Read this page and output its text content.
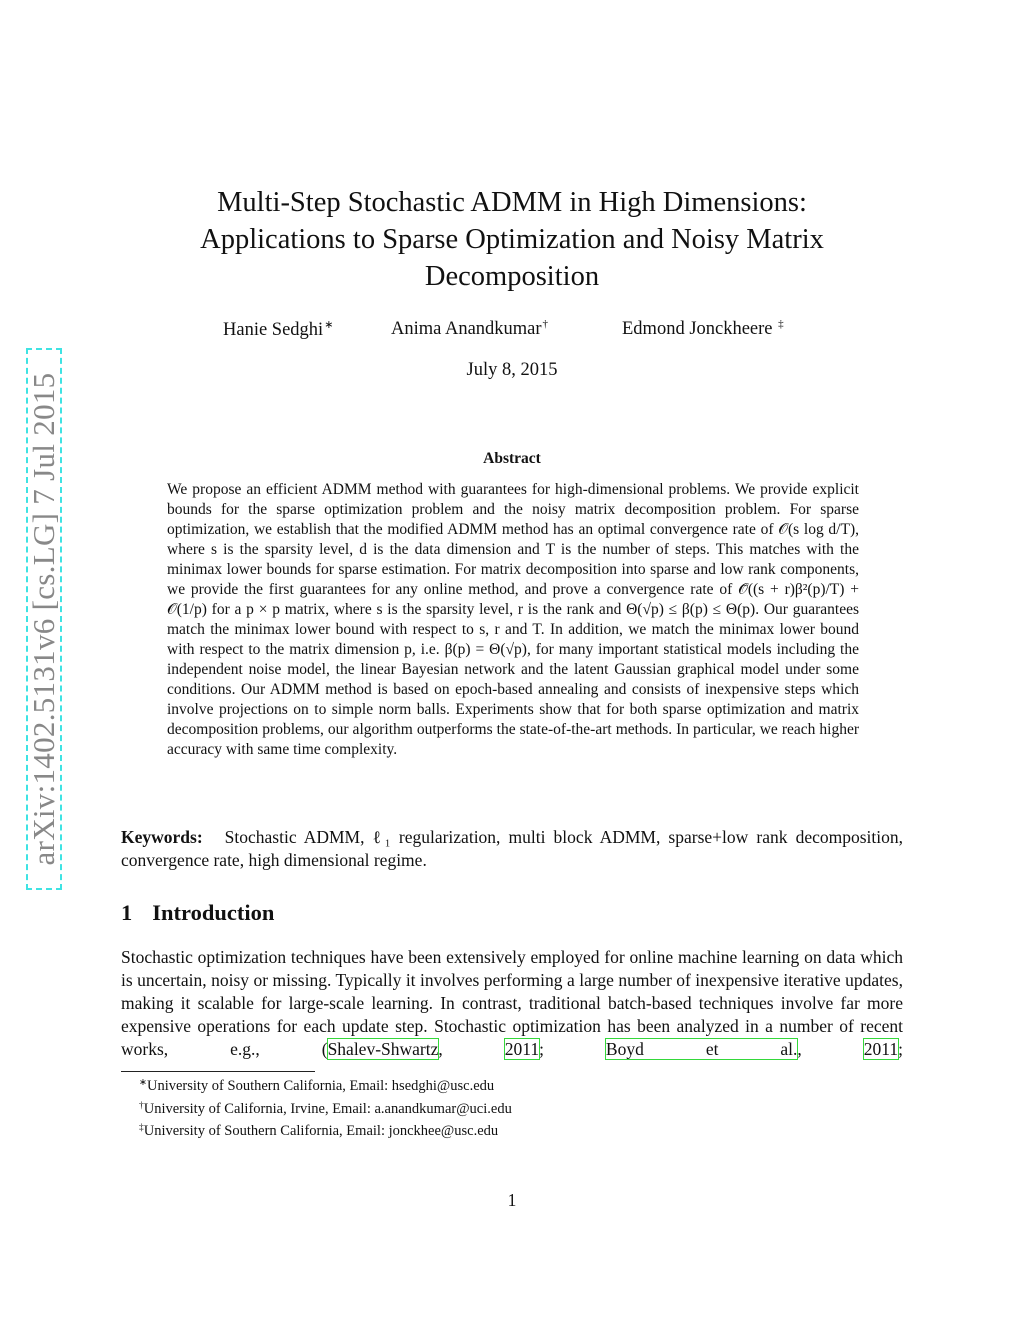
arXiv:1402.5131v6 [cs.LG] 7 Jul 2015
Multi-Step Stochastic ADMM in High Dimensions: Applications to Sparse Optimization and Noisy Matrix Decomposition
Hanie Sedghi∗	Anima Anandkumar†	Edmond Jonckheere ‡
July 8, 2015
Abstract

We propose an efficient ADMM method with guarantees for high-dimensional problems. We provide explicit bounds for the sparse optimization problem and the noisy matrix decomposition problem. For sparse optimization, we establish that the modified ADMM method has an optimal convergence rate of 𝒪(s log d/T), where s is the sparsity level, d is the data dimension and T is the number of steps. This matches with the minimax lower bounds for sparse estimation. For matrix decomposition into sparse and low rank components, we provide the first guarantees for any online method, and prove a convergence rate of 𝒪̃((s + r)β²(p)/T) + 𝒪(1/p) for a p × p matrix, where s is the sparsity level, r is the rank and Θ(√p) ≤ β(p) ≤ Θ(p). Our guarantees match the minimax lower bound with respect to s, r and T. In addition, we match the minimax lower bound with respect to the matrix dimension p, i.e. β(p) = Θ(√p), for many important statistical models including the independent noise model, the linear Bayesian network and the latent Gaussian graphical model under some conditions. Our ADMM method is based on epoch-based annealing and consists of inexpensive steps which involve projections on to simple norm balls. Experiments show that for both sparse optimization and matrix decomposition problems, our algorithm outperforms the state-of-the-art methods. In particular, we reach higher accuracy with same time complexity.

Keywords: Stochastic ADMM, ℓ₁ regularization, multi block ADMM, sparse+low rank decomposition, convergence rate, high dimensional regime.

1 Introduction

Stochastic optimization techniques have been extensively employed for online machine learning on data which is uncertain, noisy or missing. Typically it involves performing a large number of inexpensive iterative updates, making it scalable for large-scale learning. In contrast, traditional batch-based techniques involve far more expensive operations for each update step. Stochastic optimization has been analyzed in a number of recent works, e.g., (Shalev-Shwartz, 2011; Boyd et al., 2011;

∗University of Southern California, Email: hsedghi@usc.edu
†University of California, Irvine, Email: a.anandkumar@uci.edu
‡University of Southern California, Email: jonckhee@usc.edu
1
